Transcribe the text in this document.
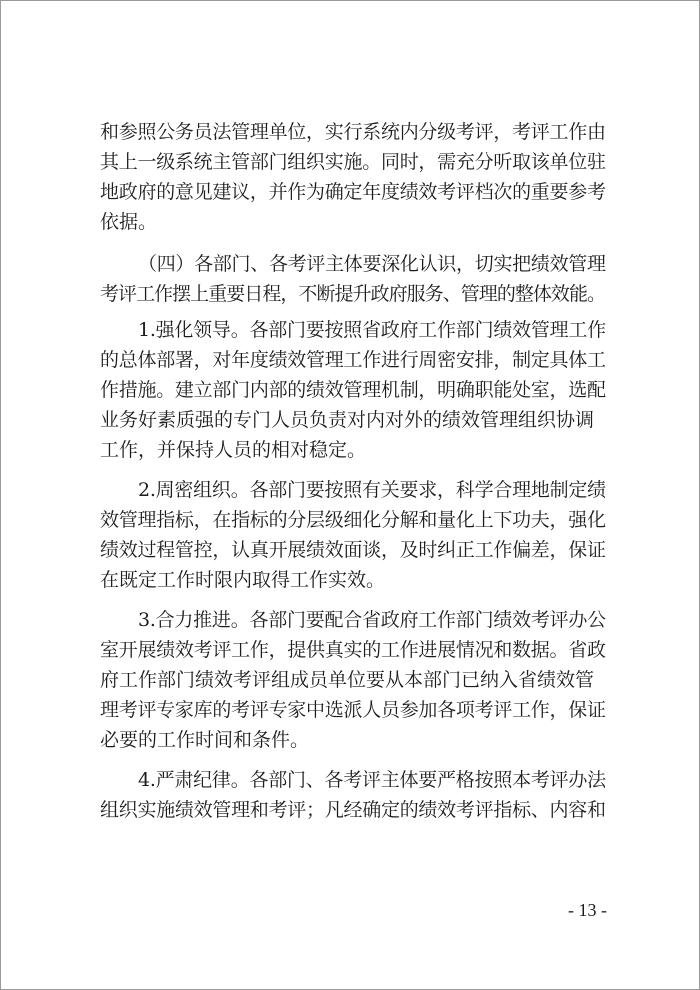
和参照公务员法管理单位，实行系统内分级考评，考评工作由
其上一级系统主管部门组织实施。同时，需充分听取该单位驻
地政府的意见建议，并作为确定年度绩效考评档次的重要参考
依据。
（四）各部门、各考评主体要深化认识，切实把绩效管理
考评工作摆上重要日程，不断提升政府服务、管理的整体效能。
1.强化领导。各部门要按照省政府工作部门绩效管理工作
的总体部署，对年度绩效管理工作进行周密安排，制定具体工
作措施。建立部门内部的绩效管理机制，明确职能处室，选配
业务好素质强的专门人员负责对内对外的绩效管理组织协调
工作，并保持人员的相对稳定。
2.周密组织。各部门要按照有关要求，科学合理地制定绩
效管理指标，在指标的分层级细化分解和量化上下功夫，强化
绩效过程管控，认真开展绩效面谈，及时纠正工作偏差，保证
在既定工作时限内取得工作实效。
3.合力推进。各部门要配合省政府工作部门绩效考评办公
室开展绩效考评工作，提供真实的工作进展情况和数据。省政
府工作部门绩效考评组成员单位要从本部门已纳入省绩效管
理考评专家库的考评专家中选派人员参加各项考评工作，保证
必要的工作时间和条件。
4.严肃纪律。各部门、各考评主体要严格按照本考评办法
组织实施绩效管理和考评；凡经确定的绩效考评指标、内容和
- 13 -
